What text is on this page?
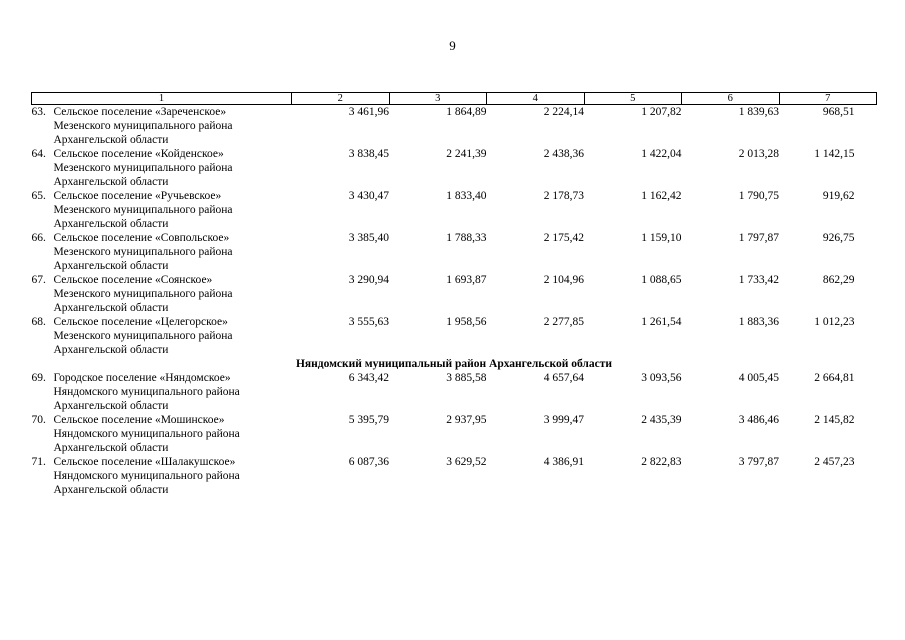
9
1	2	3	4	5	6	7

63. Сельское поселение «Зареченское»
Мезенского муниципального района
Архангельской области	3 461,96	1 864,89	2 224,14	1 207,82	1 839,63	968,51

64. Сельское поселение «Койденское»
Мезенского муниципального района
Архангельской области	3 838,45	2 241,39	2 438,36	1 422,04	2 013,28	1 142,15

65. Сельское поселение «Ручьевское»
Мезенского муниципального района
Архангельской области	3 430,47	1 833,40	2 178,73	1 162,42	1 790,75	919,62

66. Сельское поселение «Совпольское»
Мезенского муниципального района
Архангельской области	3 385,40	1 788,33	2 175,42	1 159,10	1 797,87	926,75

67. Сельское поселение «Соянское»
Мезенского муниципального района
Архангельской области	3 290,94	1 693,87	2 104,96	1 088,65	1 733,42	862,29

68. Сельское поселение «Целегорское»
Мезенского муниципального района
Архангельской области	3 555,63	1 958,56	2 277,85	1 261,54	1 883,36	1 012,23
Няндомский муниципальный район Архангельской области						

69. Городское поселение «Няндомское»
Няндомского муниципального района
Архангельской области	6 343,42	3 885,58	4 657,64	3 093,56	4 005,45	2 664,81

70. Сельское поселение «Мошинское»
Няндомского муниципального района
Архангельской области	5 395,79	2 937,95	3 999,47	2 435,39	3 486,46	2 145,82

71. Сельское поселение «Шалакушское»
Няндомского муниципального района
Архангельской области	6 087,36	3 629,52	4 386,91	2 822,83	3 797,87	2 457,23
